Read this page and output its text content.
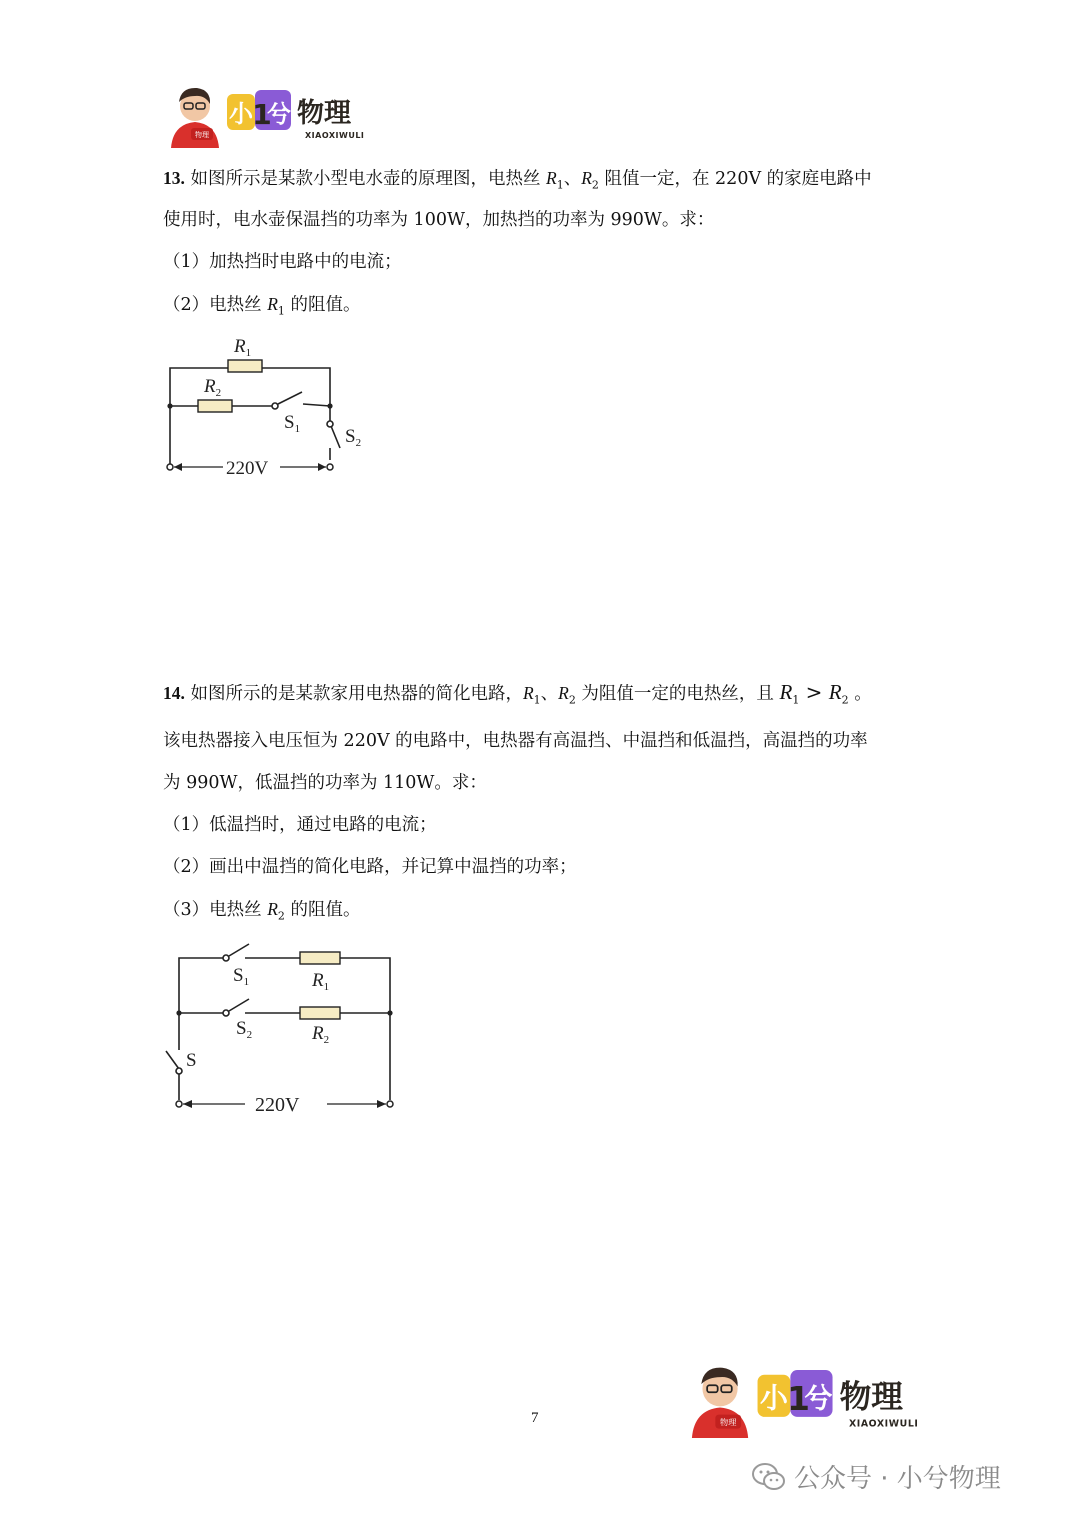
物理
小 1
兮 物理
XIAOXIWULI
13. 如图所示是某款小型电水壶的原理图，电热丝 $R_1$、$R_2$ 阻值一定，在 220V 的家庭电路中
使用时，电水壶保温挡的功率为 100W，加热挡的功率为 990W。求：
（1）加热挡时电路中的电流；
（2）电热丝 $R_1$ 的阻值。
$R_1$
$R_2$
$S_1$ $S_2$
220V
14. 如图所示的是某款家用电热器的简化电路，$R_1$、$R_2$ 为阻值一定的电热丝，且 $R_1 > R_2$ 。
该电热器接入电压恒为 220V 的电路中，电热器有高温挡、中温挡和低温挡，高温挡的功率
为 990W，低温挡的功率为 110W。求：
（1）低温挡时，通过电路的电流；
（2）画出中温挡的简化电路，并记算中温挡的功率；
（3）电热丝 $R_2$ 的阻值。
$S_1$	$R_1$
$S_2$	$R_2$
S
220V
7	物理
小 1
兮 物理
XIAOXIWULI
公众号 · 小兮物理
